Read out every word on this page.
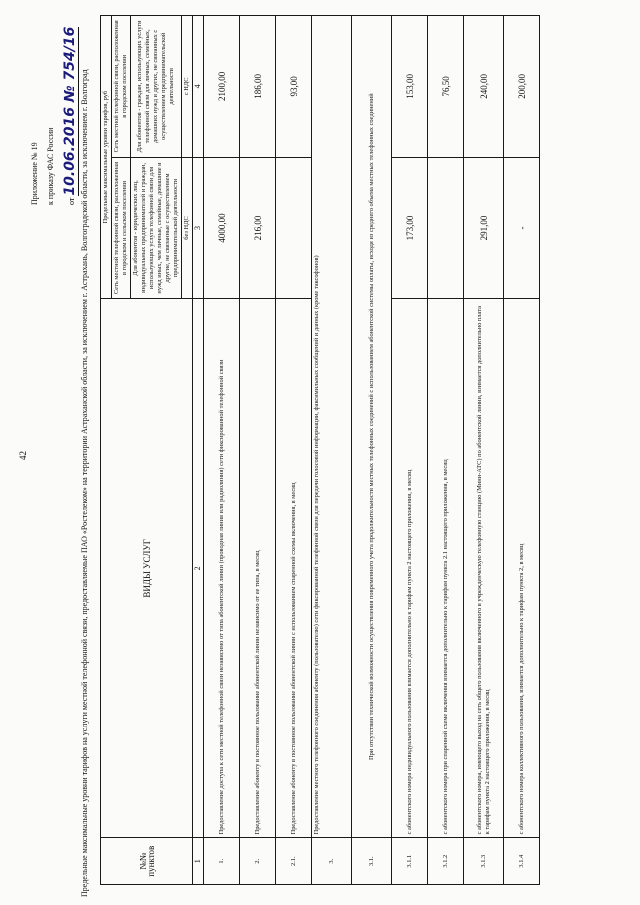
42
Приложение № 19 к приказу ФАС России	от 10.06.2016 № 754/16 Предельные максимальные уровни тарифов на услуги местной телефонной связи, предоставляемые ПАО «Ростелеком» на территории Астраханской области, за исключением г. Астрахань, Волгоградской области, за исключением г. Волгоград	№№ пунктов	ВИДЫ УСЛУГ	Предельные максимальные уровни тарифов, руб	
		Сеть местной телефонной связи, расположенная в городском и сельском поселении	Сеть местной телефонной связи, расположенная в городском поселении
		Для абонентов - юридических лиц, индивидуальных предпринимателей и граждан, использующих услуги телефонной связи для нужд иных, чем личные, семейные, домашние и другие, не связанные с осуществлением предпринимательской деятельности	Для абонентов - граждан, использующих услуги телефонной связи для личных, семейных, домашних нужд и других, не связанных с осуществлением предпринимательской деятельности
		без НДС	с НДС
1	2	3	4
1.	Предоставление доступа к сети местной телефонной связи независимо от типа абонентской линии (проводная линия или радиолиния) сети фиксированной телефонной связи	4000,00	2100,00
2.	Предоставление абоненту в постоянное пользование абонентской линии независимо от ее типа, в месяц	216,00	186,00
2.1.	Предоставление абоненту в постоянное пользование абонентской линии с использованием спаренной схемы включения, в месяц		93,00
3.	Предоставление местного телефонного соединения абоненту (пользователю) сети фиксированной телефонной связи для передачи голосовой информации, факсимильных сообщений и данных (кроме таксофонов)		
3.1.	При отсутствии технической возможности осуществления повременного учета продолжительности местных телефонных соединений с использованием абонентской системы оплаты, исходя из среднего объема местных телефонных соединений		
3.1.1	с абонентского номера индивидуального пользования взимается дополнительно к тарифам пункта 2 настоящего приложения, в месяц	173,00	153,00
3.1.2	с абонентского номера при спаренной схеме включения взимается дополнительно к тарифам пункта 2.1 настоящего приложения, в месяц		76,50
3.1.3	с абонентского номера, имеющего выход на сеть общего пользования включенного в учрежденческую телефонную станцию (Мини-АТС) по абонентской линии, взимается дополнительно плата к тарифам пункта 2 настоящего приложения, в месяц	291,00	240,00
3.1.4	с абонентского номера коллективного пользования, взимается дополнительно к тарифам пункта 2, в месяц	-	200,00
